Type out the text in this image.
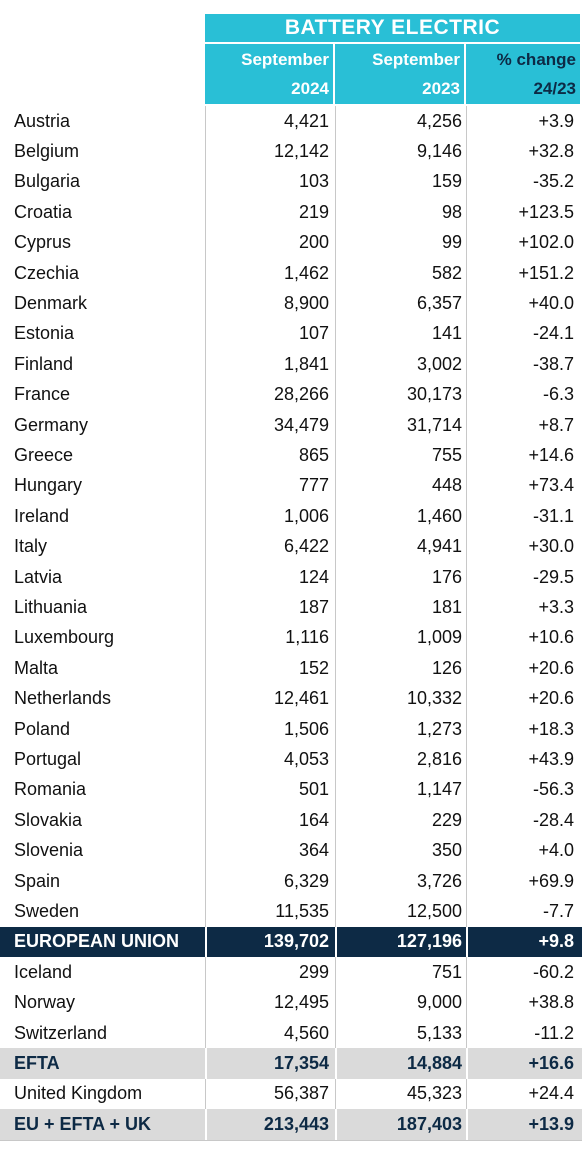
BATTERY ELECTRIC
September
2024
September
2023
% change
24/23
Austria	4,421	4,256	+3.9
Belgium	12,142	9,146	+32.8
Bulgaria	103	159	-35.2
Croatia	219	98	+123.5
Cyprus	200	99	+102.0
Czechia	1,462	582	+151.2
Denmark	8,900	6,357	+40.0
Estonia	107	141	-24.1
Finland	1,841	3,002	-38.7
France	28,266	30,173	-6.3
Germany	34,479	31,714	+8.7
Greece	865	755	+14.6
Hungary	777	448	+73.4
Ireland	1,006	1,460	-31.1
Italy	6,422	4,941	+30.0
Latvia	124	176	-29.5
Lithuania	187	181	+3.3
Luxembourg	1,116	1,009	+10.6
Malta	152	126	+20.6
Netherlands	12,461	10,332	+20.6
Poland	1,506	1,273	+18.3
Portugal	4,053	2,816	+43.9
Romania	501	1,147	-56.3
Slovakia	164	229	-28.4
Slovenia	364	350	+4.0
Spain	6,329	3,726	+69.9
Sweden	11,535	12,500	-7.7
EUROPEAN UNION	139,702	127,196	+9.8
Iceland	299	751	-60.2
Norway	12,495	9,000	+38.8
Switzerland	4,560	5,133	-11.2
EFTA	17,354	14,884	+16.6
United Kingdom	56,387	45,323	+24.4
EU + EFTA + UK	213,443	187,403	+13.9
